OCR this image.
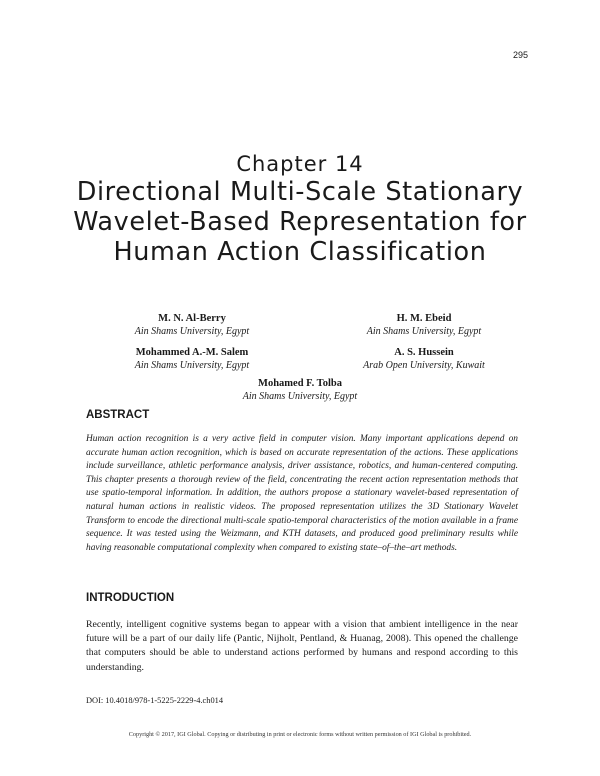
295
Chapter 14
Directional Multi-Scale Stationary Wavelet-Based Representation for Human Action Classification
M. N. Al-Berry
Ain Shams University, Egypt
H. M. Ebeid
Ain Shams University, Egypt
Mohammed A.-M. Salem
Ain Shams University, Egypt
A. S. Hussein
Arab Open University, Kuwait
Mohamed F. Tolba
Ain Shams University, Egypt
ABSTRACT

Human action recognition is a very active field in computer vision. Many important applications depend on accurate human action recognition, which is based on accurate representation of the actions. These applications include surveillance, athletic performance analysis, driver assistance, robotics, and human-centered computing. This chapter presents a thorough review of the field, concentrating the recent action representation methods that use spatio-temporal information. In addition, the authors propose a stationary wavelet-based representation of natural human actions in realistic videos. The proposed representation utilizes the 3D Stationary Wavelet Transform to encode the directional multi-scale spatio-temporal characteristics of the motion available in a frame sequence. It was tested using the Weizmann, and KTH datasets, and produced good preliminary results while having reasonable computational complexity when compared to existing state–of–the–art methods.

INTRODUCTION

Recently, intelligent cognitive systems began to appear with a vision that ambient intelligence in the near future will be a part of our daily life (Pantic, Nijholt, Pentland, & Huanag, 2008). This opened the challenge that computers should be able to understand actions performed by humans and respond according to this understanding.

DOI: 10.4018/978-1-5225-2229-4.ch014
Copyright © 2017, IGI Global. Copying or distributing in print or electronic forms without written permission of IGI Global is prohibited.
